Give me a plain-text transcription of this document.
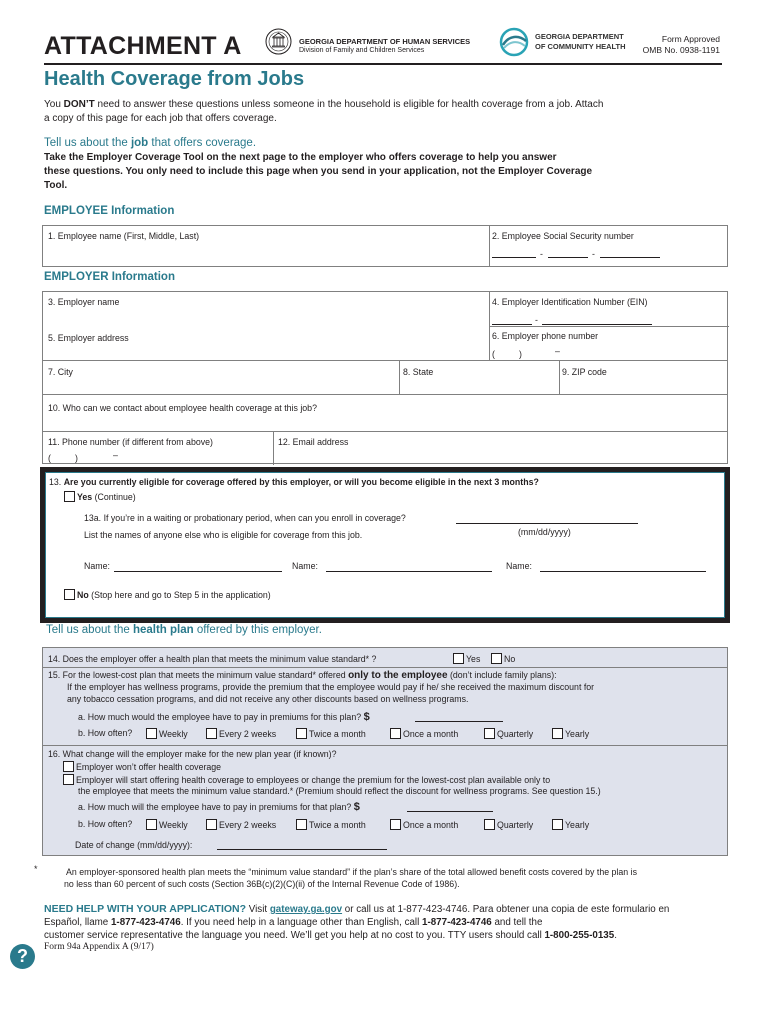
ATTACHMENT A	GEORGIA DEPARTMENT OF HUMAN SERVICES
Division of Family and Children Services
GEORGIA DEPARTMENT
OF COMMUNITY HEALTH
Form Approved
OMB No. 0938-1191
Health Coverage from Jobs
You DON’T need to answer these questions unless someone in the household is eligible for health coverage from a job. Attach
a copy of this page for each job that offers coverage.
Tell us about the job that offers coverage.
Take the Employer Coverage Tool on the next page to the employer who offers coverage to help you answer
these questions. You only need to include this page when you send in your application, not the Employer Coverage
Tool.
EMPLOYEE Information
1. Employee name (First, Middle, Last)	2. Employee Social Security number
-	-
EMPLOYER Information
3. Employer name	4. Employer Identification Number (EIN)
-
5. Employer address	6. Employer phone number
(	)	–
7. City	8. State	9. ZIP code
10. Who can we contact about employee health coverage at this job?
11. Phone number (if different from above)
(	)	–
12. Email address
13. Are you currently eligible for coverage offered by this employer, or will you become eligible in the next 3 months?
Yes (Continue)
13a. If you’re in a waiting or probationary period, when can you enroll in coverage?
(mm/dd/yyyy)
List the names of anyone else who is eligible for coverage from this job.
Name:	Name:	Name:
No (Stop here and go to Step 5 in the application)
Tell us about the health plan offered by this employer.
14. Does the employer offer a health plan that meets the minimum value standard* ?	Yes	No
15. For the lowest-cost plan that meets the minimum value standard* offered only to the employee (don’t include family plans):
If the employer has wellness programs, provide the premium that the employee would pay if he/ she received the maximum discount for
any tobacco cessation programs, and did not receive any other discounts based on wellness programs.
a. How much would the employee have to pay in premiums for this plan? $
b. How often?	Weekly	Every 2 weeks	Twice a month	Once a month	Quarterly	Yearly
16. What change will the employer make for the new plan year (if known)?
Employer won’t offer health coverage
Employer will start offering health coverage to employees or change the premium for the lowest-cost plan available only to
the employee that meets the minimum value standard.* (Premium should reflect the discount for wellness programs. See question 15.)
a. How much will the employee have to pay in premiums for that plan? $
b. How often?	Weekly	Every 2 weeks	Twice a month	Once a month	Quarterly	Yearly
Date of change (mm/dd/yyyy):
*	An employer-sponsored health plan meets the “minimum value standard” if the plan’s share of the total allowed benefit costs covered by the plan is
no less than 60 percent of such costs (Section 36B(c)(2)(C)(ii) of the Internal Revenue Code of 1986).
NEED HELP WITH YOUR APPLICATION? Visit gateway.ga.gov or call us at 1-877-423-4746. Para obtener una copia de este formulario en
Español, llame 1-877-423-4746. If you need help in a language other than English, call 1-877-423-4746 and tell the
customer service representative the language you need. We’ll get you help at no cost to you. TTY users should call 1-800-255-0135.
?	Form 94a Appendix A (9/17)
